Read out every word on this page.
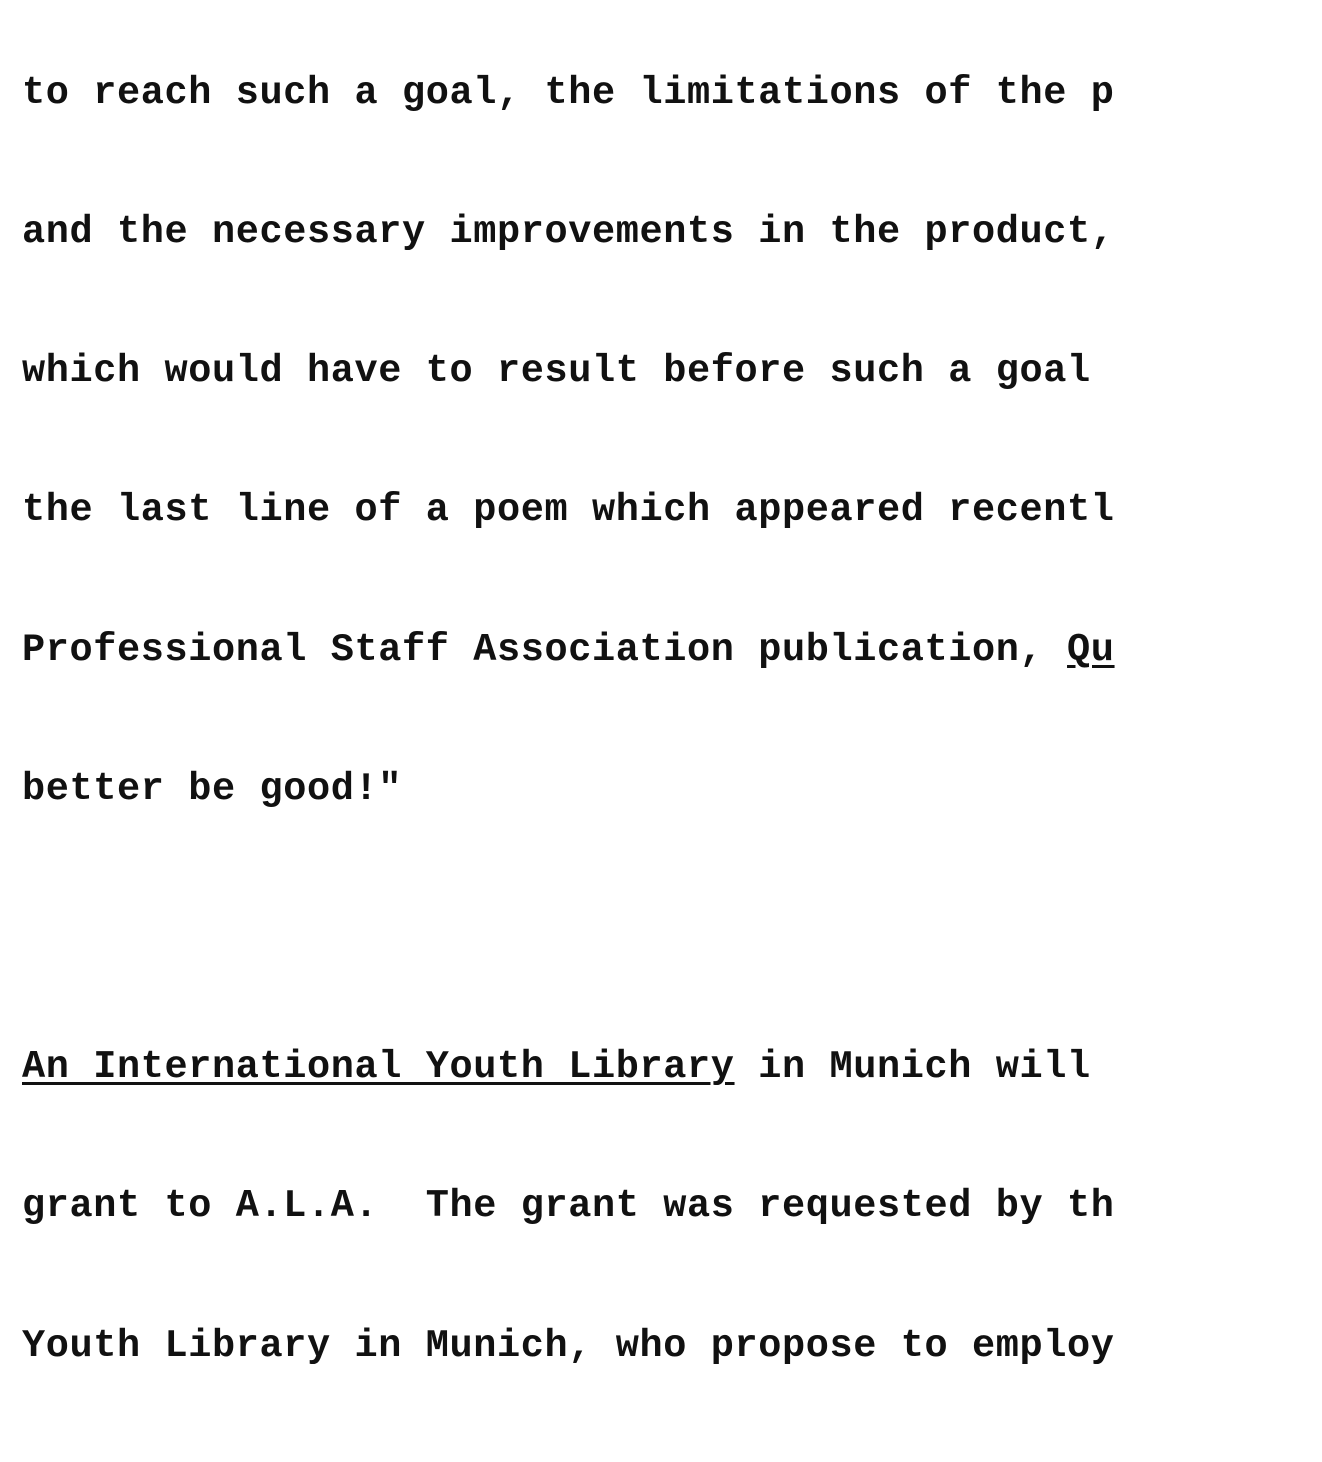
to reach such a goal, the limitations of the p

and the necessary improvements in the product,

which would have to result before such a goal

the last line of a poem which appeared recentl

Professional Staff Association publication, Qu

better be good!"

An International Youth Library in Munich will

grant to A.L.A.  The grant was requested by th

Youth Library in Munich, who propose to employ
